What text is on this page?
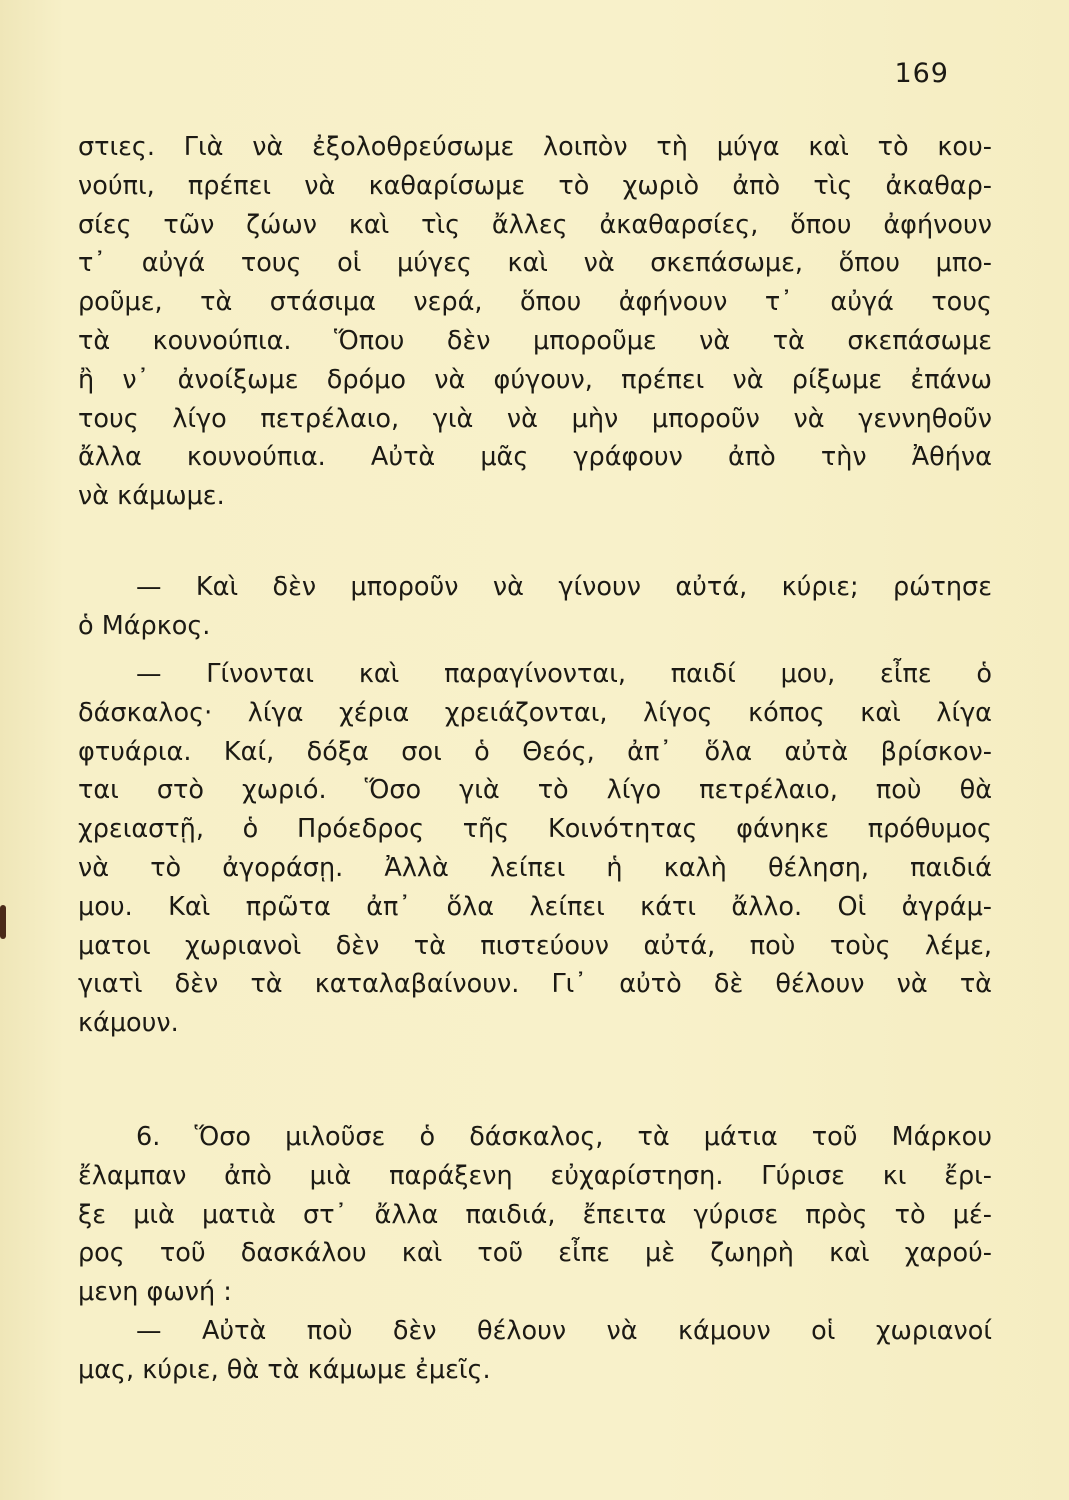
169
στιες. Γιὰ νὰ ἐξολοθρεύσωμε λοιπὸν τὴ μύγα καὶ τὸ κου-
νούπι, πρέπει νὰ καθαρίσωμε τὸ χωριὸ ἀπὸ τὶς ἀκαθαρ-
σίες τῶν ζώων καὶ τὶς ἄλλες ἀκαθαρσίες, ὅπου ἀφήνουν
τ᾽ αὐγά τους οἱ μύγες καὶ νὰ σκεπάσωμε, ὅπου μπο-
ροῦμε, τὰ στάσιμα νερά, ὅπου ἀφήνουν τ᾽ αὐγά τους
τὰ κουνούπια. Ὅπου δὲν μποροῦμε νὰ τὰ σκεπάσωμε
ἢ ν᾽ ἀνοίξωμε δρόμο νὰ φύγουν, πρέπει νὰ ρίξωμε ἐπάνω
τους λίγο πετρέλαιο, γιὰ νὰ μὴν μποροῦν νὰ γεννηθοῦν
ἄλλα κουνούπια. Αὐτὰ μᾶς γράφουν ἀπὸ τὴν Ἀθήνα
νὰ κάμωμε.
— Καὶ δὲν μποροῦν νὰ γίνουν αὐτά, κύριε; ρώτησε
ὁ Μάρκος.
— Γίνονται καὶ παραγίνονται, παιδί μου, εἶπε ὁ
δάσκαλος· λίγα χέρια χρειάζονται, λίγος κόπος καὶ λίγα
φτυάρια. Καί, δόξα σοι ὁ Θεός, ἀπ᾽ ὅλα αὐτὰ βρίσκον-
ται στὸ χωριό. Ὅσο γιὰ τὸ λίγο πετρέλαιο, ποὺ θὰ
χρειαστῇ, ὁ Πρόεδρος τῆς Κοινότητας φάνηκε πρόθυμος
νὰ τὸ ἀγοράσῃ. Ἀλλὰ λείπει ἡ καλὴ θέληση, παιδιά
μου. Καὶ πρῶτα ἀπ᾽ ὅλα λείπει κάτι ἄλλο. Οἱ ἀγράμ-
ματοι χωριανοὶ δὲν τὰ πιστεύουν αὐτά, ποὺ τοὺς λέμε,
γιατὶ δὲν τὰ καταλαβαίνουν. Γι᾽ αὐτὸ δὲ θέλουν νὰ τὰ
κάμουν.
6. Ὅσο μιλοῦσε ὁ δάσκαλος, τὰ μάτια τοῦ Μάρκου
ἔλαμπαν ἀπὸ μιὰ παράξενη εὐχαρίστηση. Γύρισε κι ἔρι-
ξε μιὰ ματιὰ στ᾽ ἄλλα παιδιά, ἔπειτα γύρισε πρὸς τὸ μέ-
ρος τοῦ δασκάλου καὶ τοῦ εἶπε μὲ ζωηρὴ καὶ χαρού-
μενη φωνή :
— Αὐτὰ ποὺ δὲν θέλουν νὰ κάμουν οἱ χωριανοί
μας, κύριε, θὰ τὰ κάμωμε ἐμεῖς.
